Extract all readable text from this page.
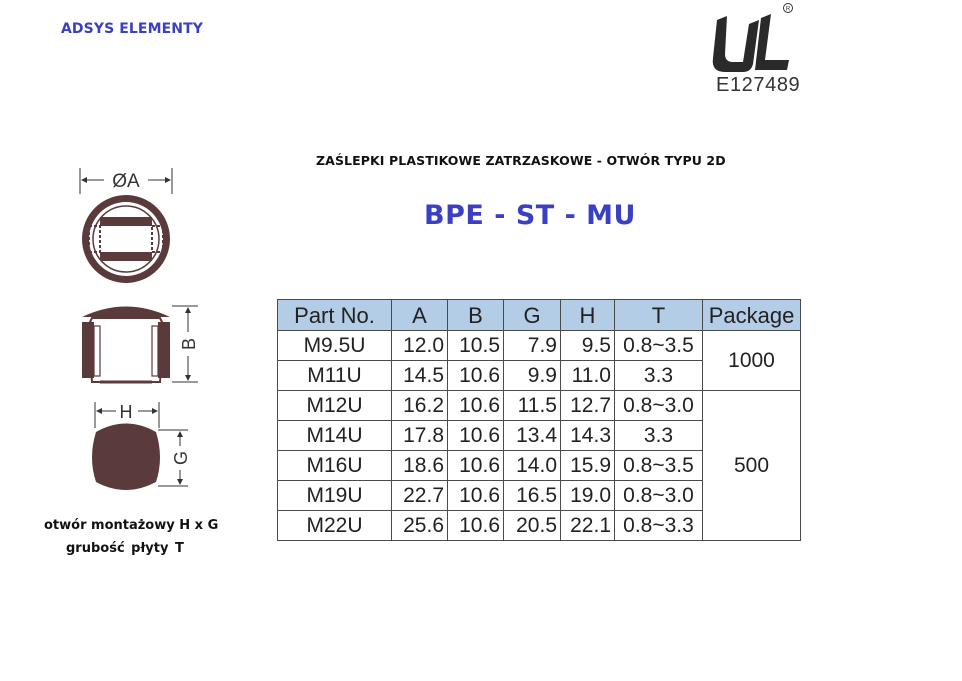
ADSYS ELEMENTY
R
E127489
ZAŚLEPKI PLASTIKOWE ZATRZASKOWE - OTWÓR TYPU 2D
BPE - ST - MU
ØA
B
H
G
otwór montażowy H x G
grubość płyty T
Part No.	A	B	G	H	T	Package
M9.5U	12.0	10.5	7.9	9.5	0.8~3.5	1000
M11U	14.5	10.6	9.9	11.0	3.3	
M12U	16.2	10.6	11.5	12.7	0.8~3.0	500
M14U	17.8	10.6	13.4	14.3	3.3	
M16U	18.6	10.6	14.0	15.9	0.8~3.5	
M19U	22.7	10.6	16.5	19.0	0.8~3.0	
M22U	25.6	10.6	20.5	22.1	0.8~3.3	
